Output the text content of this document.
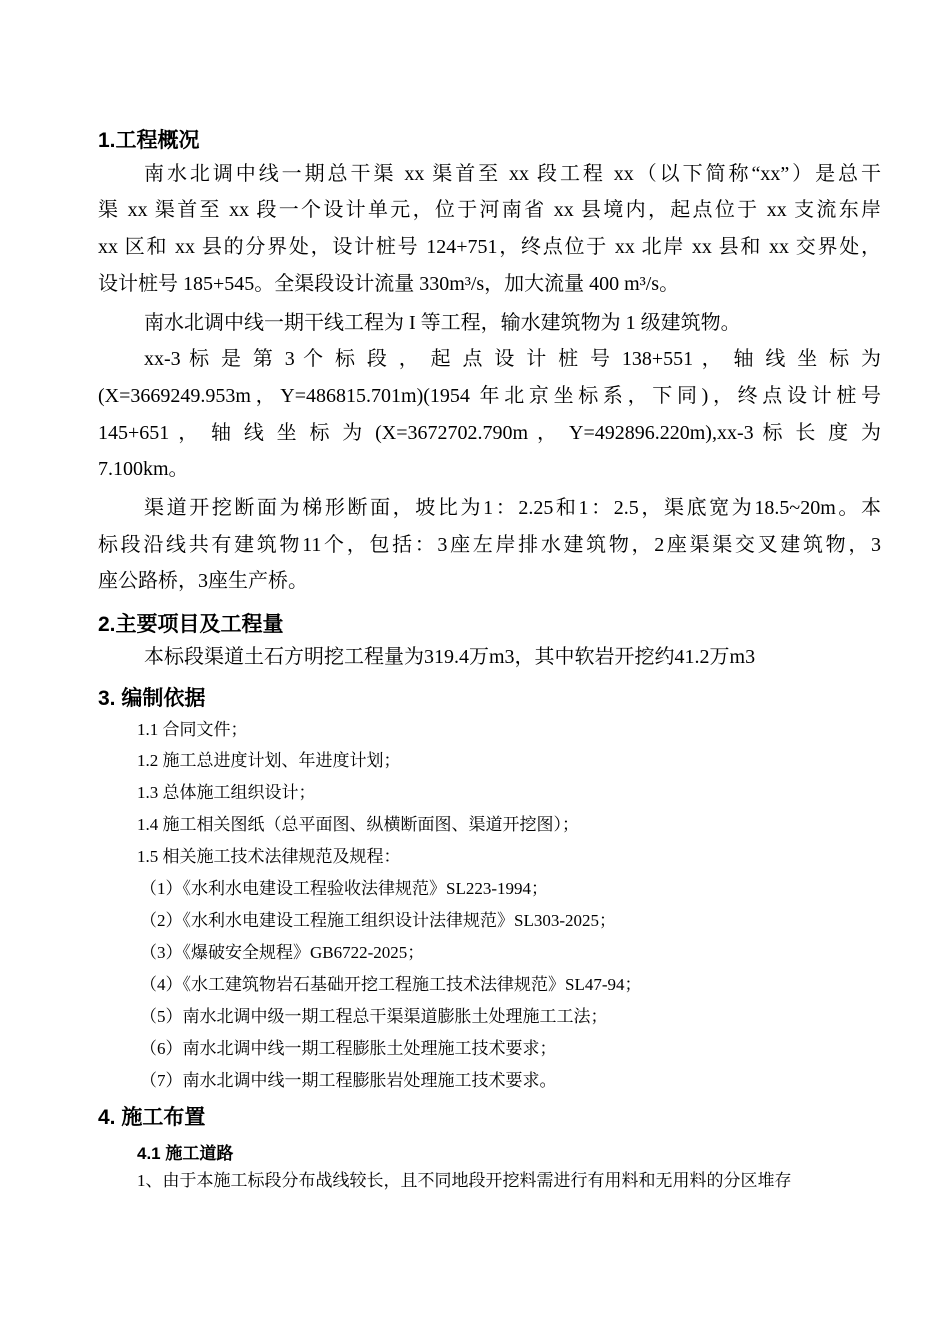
1.工程概况
南水北调中线一期总干渠 xx 渠首至 xx 段工程 xx（以下简称“xx”）是总干
渠 xx 渠首至 xx 段一个设计单元，位于河南省 xx 县境内，起点位于 xx 支流东岸
xx 区和 xx 县的分界处，设计桩号 124+751，终点位于 xx 北岸 xx 县和 xx 交界处，
设计桩号 185+545。全渠段设计流量 330m³/s，加大流量 400 m³/s。
南水北调中线一期干线工程为 I 等工程，输水建筑物为 1 级建筑物。
xx-3 标 是 第 3 个 标 段 ， 起 点 设 计 桩 号 138+551 ， 轴 线 坐 标 为
(X=3669249.953m，Y=486815.701m)(1954 年北京坐标系，下同)，终点设计桩号
145+651 ， 轴 线 坐 标 为 (X=3672702.790m ， Y=492896.220m),xx-3 标 长 度 为
7.100km。
渠道开挖断面为梯形断面，坡比为1：2.25和1：2.5，渠底宽为18.5~20m。本
标段沿线共有建筑物11个，包括：3座左岸排水建筑物，2座渠渠交叉建筑物，3
座公路桥，3座生产桥。
2.主要项目及工程量
本标段渠道土石方明挖工程量为319.4万m3，其中软岩开挖约41.2万m3
3. 编制依据
1.1 合同文件；
1.2 施工总进度计划、年进度计划；
1.3 总体施工组织设计；
1.4 施工相关图纸（总平面图、纵横断面图、渠道开挖图）；
1.5 相关施工技术法律规范及规程：
（1）《水利水电建设工程验收法律规范》SL223-1994；
（2）《水利水电建设工程施工组织设计法律规范》SL303-2025；
（3）《爆破安全规程》GB6722-2025；
（4）《水工建筑物岩石基础开挖工程施工技术法律规范》SL47-94；
（5）南水北调中级一期工程总干渠渠道膨胀土处理施工工法；
（6）南水北调中线一期工程膨胀土处理施工技术要求；
（7）南水北调中线一期工程膨胀岩处理施工技术要求。
4. 施工布置
4.1 施工道路
1、由于本施工标段分布战线较长，且不同地段开挖料需进行有用料和无用料的分区堆存
